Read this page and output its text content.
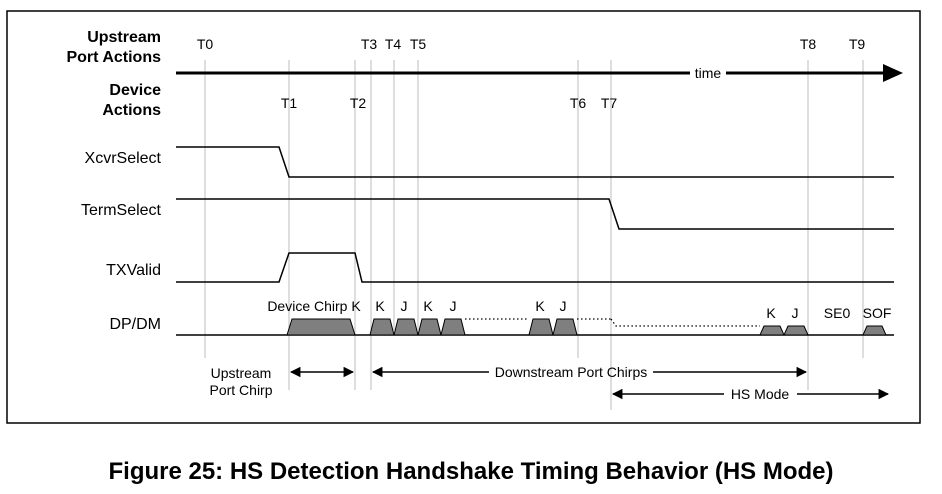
Upstream
Port Actions
Device
Actions
XcvrSelect
TermSelect
TXValid
DP/DM
time
T0	T3 T4 T5	T8 T9
T1	T2	T6 T7
Device Chirp K K J K J	K J	K J SE0 SOF
Upstream
Port Chirp
Downstream Port Chirps
HS Mode
Figure 25: HS Detection Handshake Timing Behavior (HS Mode)
